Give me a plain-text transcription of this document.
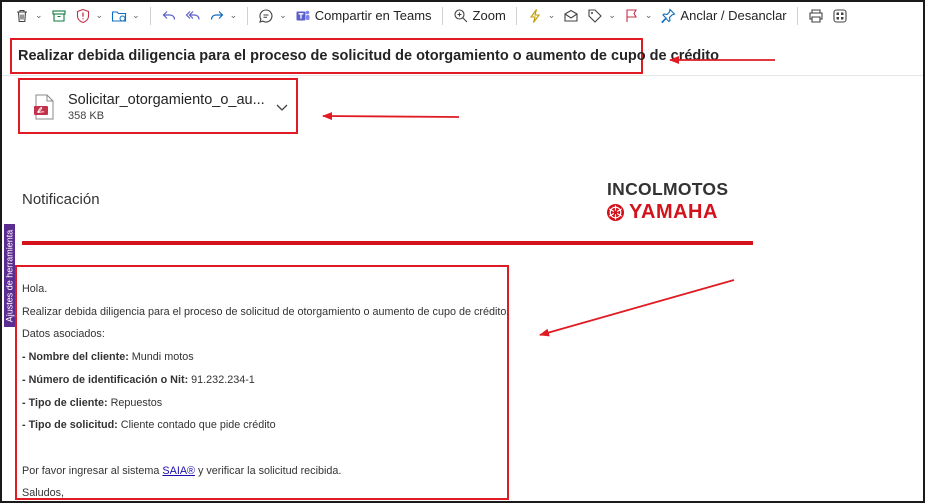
⌄	⌄	⌄	⌄	⌄ Compartir en Teams	Zoom	⌄	⌄	⌄ Anclar / Desanclar
Realizar debida diligencia para el proceso de solicitud de otorgamiento o aumento de cupo de crédito
Solicitar_otorgamiento_o_au...
358 KB
Ajustes de herramienta
Notificación
INCOLMOTOS
YAMAHA

Hola.

Realizar debida diligencia para el proceso de solicitud de otorgamiento o aumento de cupo de crédito.

Datos asociados:

- Nombre del cliente: Mundi motos

- Número de identificación o Nit: 91.232.234-1

- Tipo de cliente: Repuestos

- Tipo de solicitud: Cliente contado que pide crédito

Por favor ingresar al sistema SAIA® y verificar la solicitud recibida.

Saludos,
